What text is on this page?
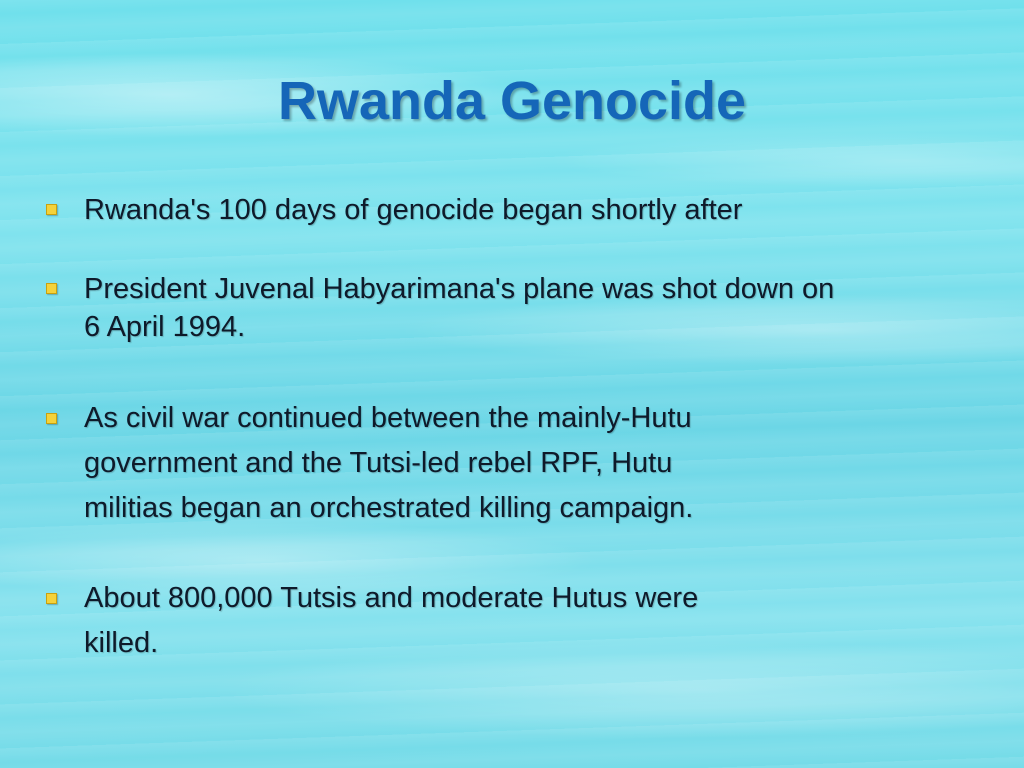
Rwanda Genocide
Rwanda's 100 days of genocide began shortly after
President Juvenal Habyarimana's plane was shot down on
6 April 1994.
As civil war continued between the mainly-Hutu
government and the Tutsi-led rebel RPF, Hutu
militias began an orchestrated killing campaign.
About 800,000 Tutsis and moderate Hutus were
killed.
